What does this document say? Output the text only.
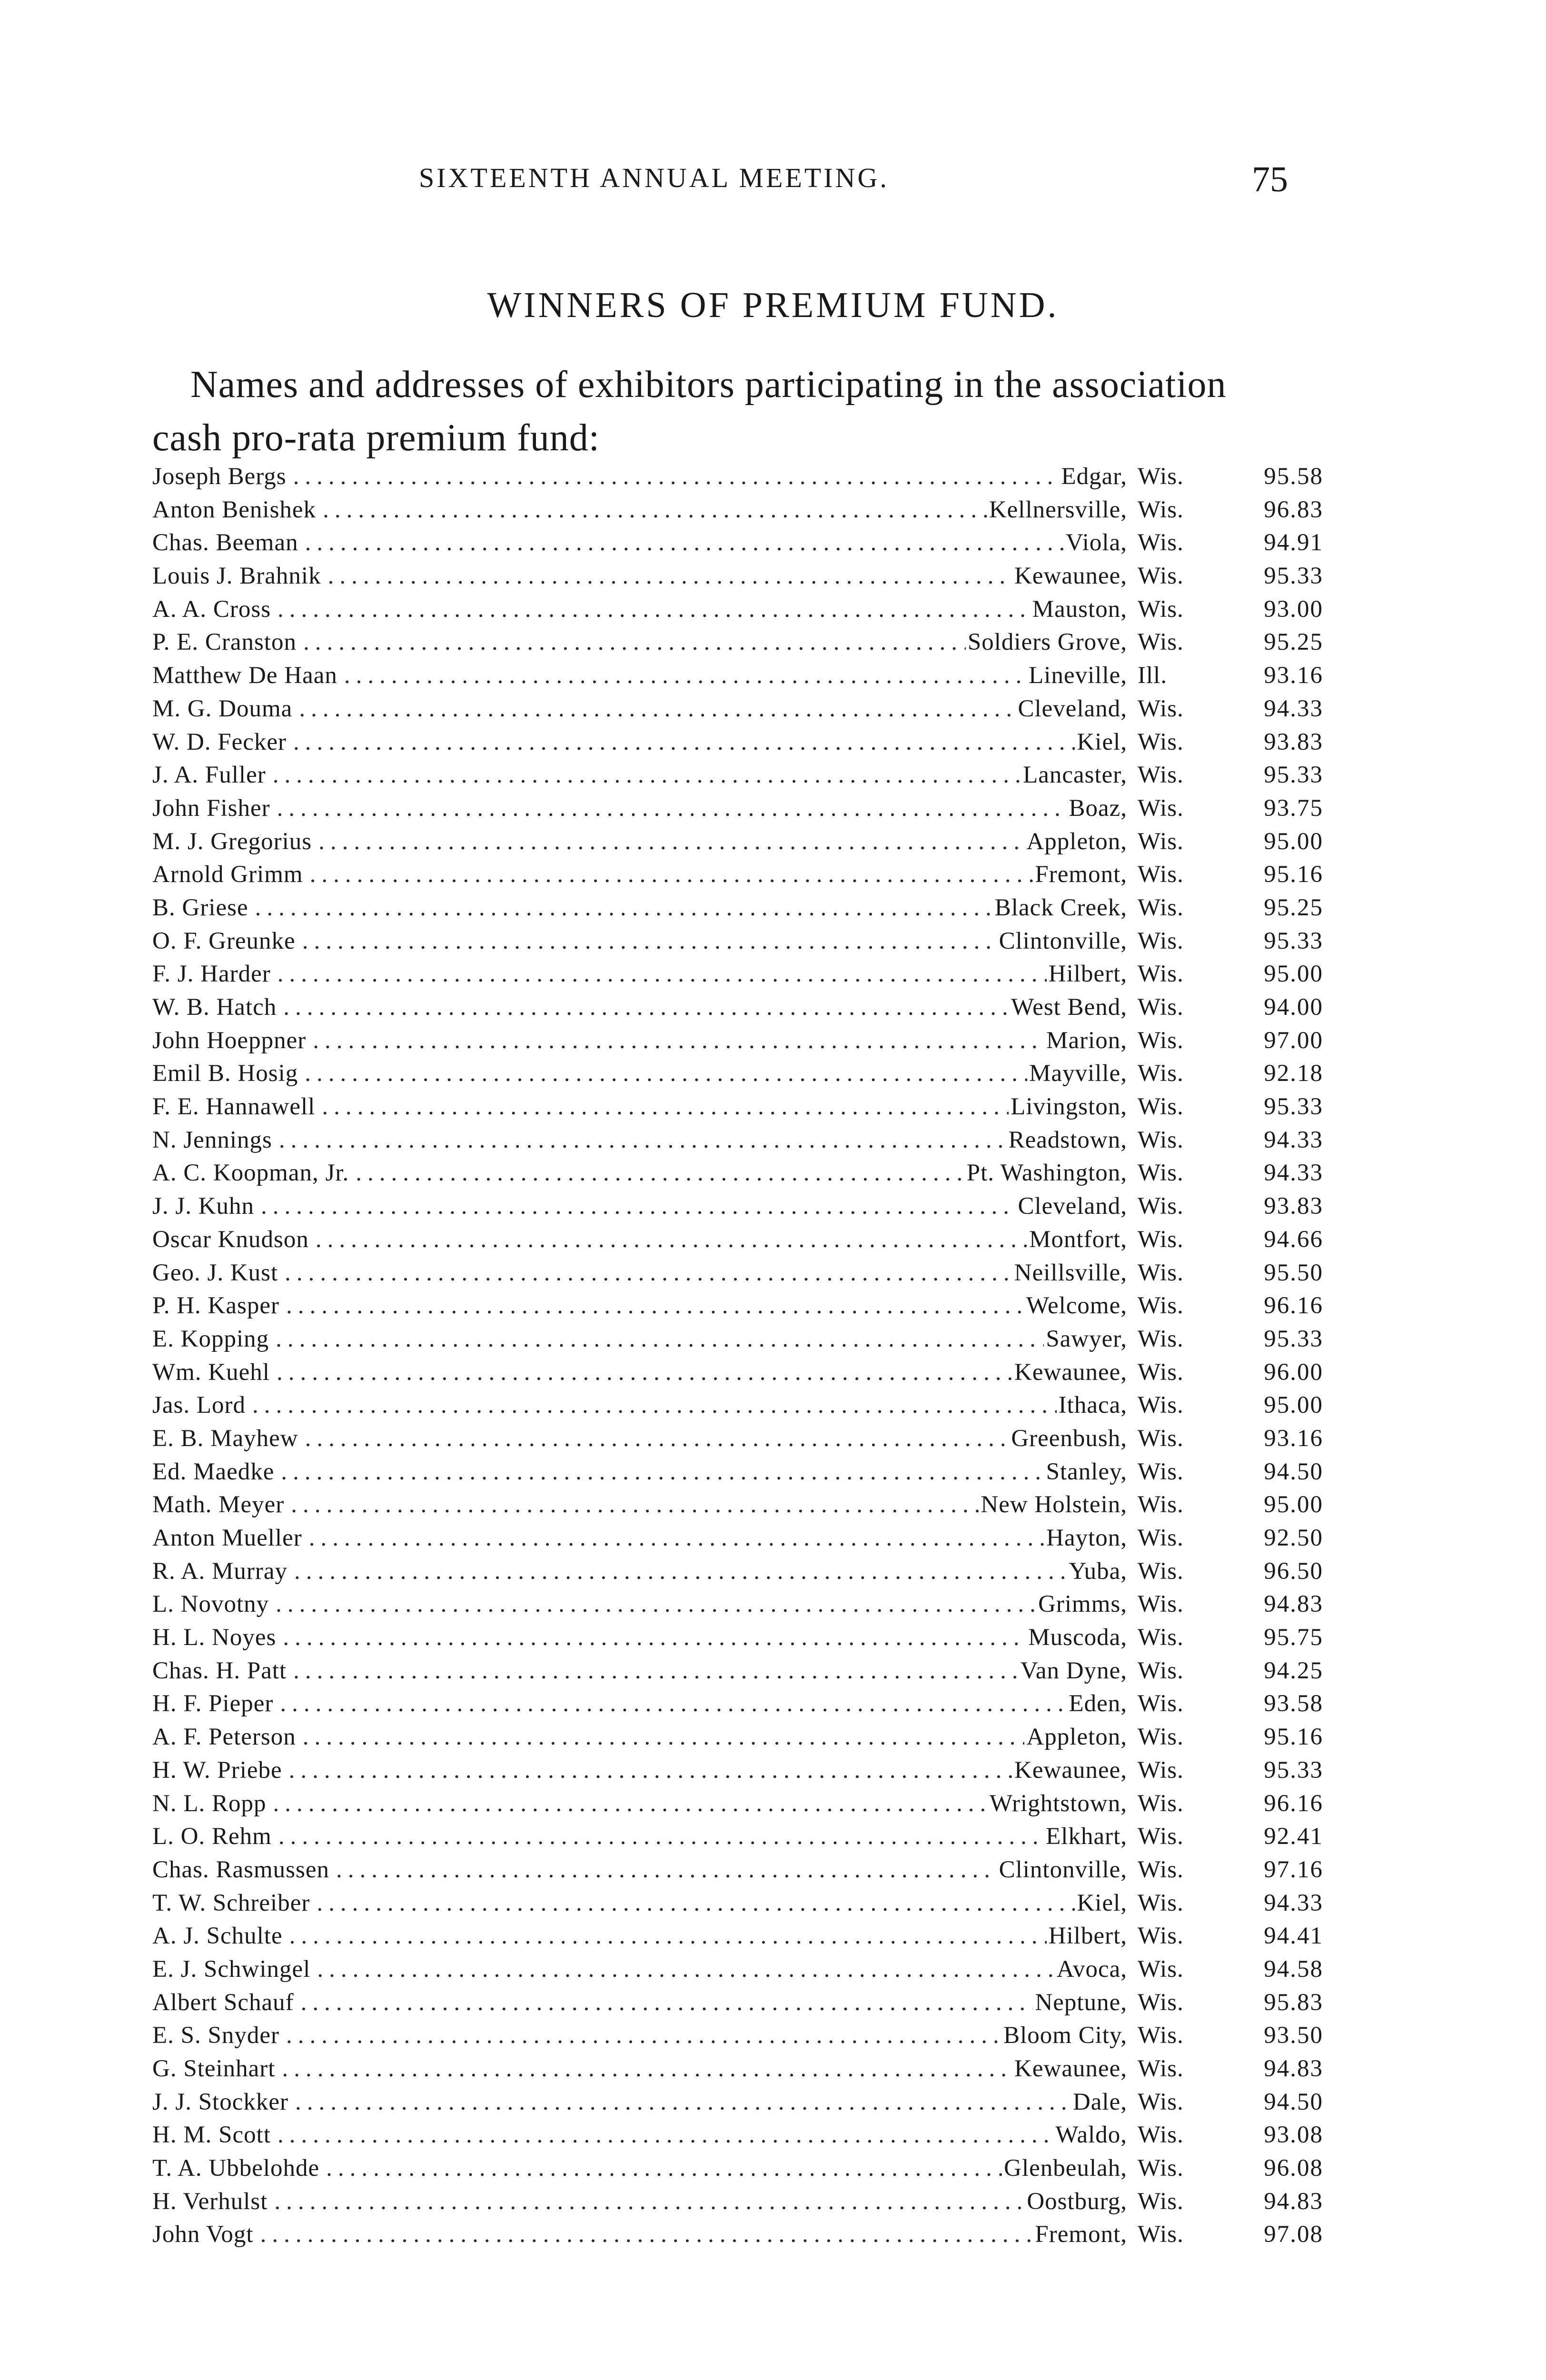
SIXTEENTH ANNUAL MEETING.	75
WINNERS OF PREMIUM FUND.

Names and addresses of exhibitors participating in the association cash pro-rata premium fund:

Joseph Bergs .....	Edgar, Wis.	95.58
Anton Benishek .....	Kellnersville, Wis.	96.83
Chas. Beeman .....	Viola, Wis.	94.91
Louis J. Brahnik .....	Kewaunee, Wis.	95.33
A. A. Cross .....	Mauston, Wis.	93.00
P. E. Cranston .....	Soldiers Grove, Wis.	95.25
Matthew De Haan .....	Lineville, Ill.	93.16
M. G. Douma .....	Cleveland, Wis.	94.33
W. D. Fecker .....	Kiel, Wis.	93.83
J. A. Fuller .....	Lancaster, Wis.	95.33
John Fisher .....	Boaz, Wis.	93.75
M. J. Gregorius .....	Appleton, Wis.	95.00
Arnold Grimm .....	Fremont, Wis.	95.16
B. Griese .....	Black Creek, Wis.	95.25
O. F. Greunke .....	Clintonville, Wis.	95.33
F. J. Harder .....	Hilbert, Wis.	95.00
W. B. Hatch .....	West Bend, Wis.	94.00
John Hoeppner .....	Marion, Wis.	97.00
Emil B. Hosig .....	Mayville, Wis.	92.18
F. E. Hannawell .....	Livingston, Wis.	95.33
N. Jennings .....	Readstown, Wis.	94.33
A. C. Koopman, Jr. .....	Pt. Washington, Wis.	94.33
J. J. Kuhn .....	Cleveland, Wis.	93.83
Oscar Knudson .....	Montfort, Wis.	94.66
Geo. J. Kust .....	Neillsville, Wis.	95.50
P. H. Kasper .....	Welcome, Wis.	96.16
E. Kopping .....	Sawyer, Wis.	95.33
Wm. Kuehl .....	Kewaunee, Wis.	96.00
Jas. Lord .....	Ithaca, Wis.	95.00
E. B. Mayhew .....	Greenbush, Wis.	93.16
Ed. Maedke .....	Stanley, Wis.	94.50
Math. Meyer .....	New Holstein, Wis.	95.00
Anton Mueller .....	Hayton, Wis.	92.50
R. A. Murray .....	Yuba, Wis.	96.50
L. Novotny .....	Grimms, Wis.	94.83
H. L. Noyes .....	Muscoda, Wis.	95.75
Chas. H. Patt .....	Van Dyne, Wis.	94.25
H. F. Pieper .....	Eden, Wis.	93.58
A. F. Peterson .....	Appleton, Wis.	95.16
H. W. Priebe .....	Kewaunee, Wis.	95.33
N. L. Ropp .....	Wrightstown, Wis.	96.16
L. O. Rehm .....	Elkhart, Wis.	92.41
Chas. Rasmussen .....	Clintonville, Wis.	97.16
T. W. Schreiber .....	Kiel, Wis.	94.33
A. J. Schulte .....	Hilbert, Wis.	94.41
E. J. Schwingel .....	Avoca, Wis.	94.58
Albert Schauf .....	Neptune, Wis.	95.83
E. S. Snyder .....	Bloom City, Wis.	93.50
G. Steinhart .....	Kewaunee, Wis.	94.83
J. J. Stockker .....	Dale, Wis.	94.50
H. M. Scott .....	Waldo, Wis.	93.08
T. A. Ubbelohde .....	Glenbeulah, Wis.	96.08
H. Verhulst .....	Oostburg, Wis.	94.83
John Vogt .....	Fremont, Wis.	97.08
